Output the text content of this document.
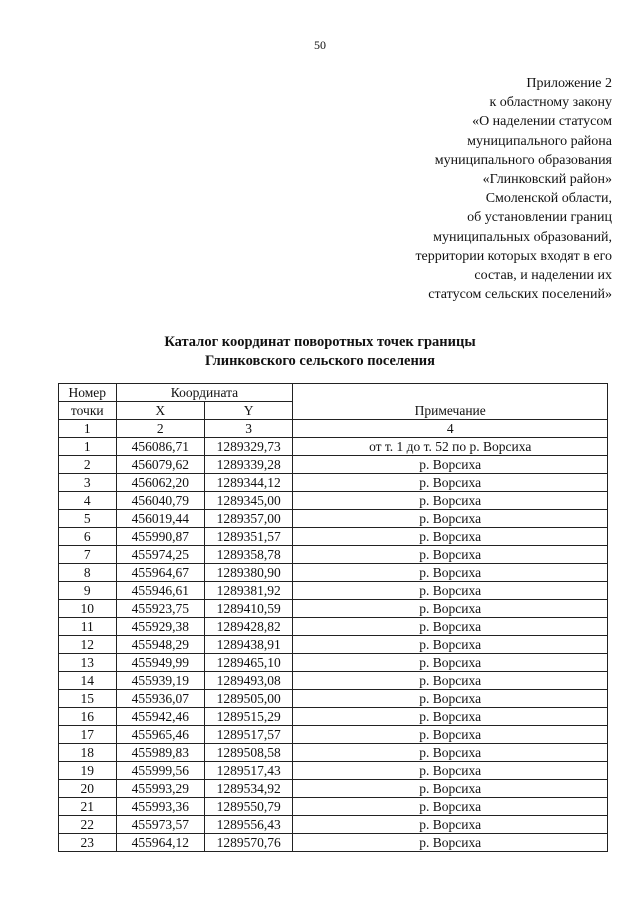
50
Приложение 2
к областному закону
«О наделении статусом
муниципального района
муниципального образования
«Глинковский район»
Смоленской области,
об установлении границ
муниципальных образований,
территории которых входят в его
состав, и наделении их
статусом сельских поселений»
Каталог координат поворотных точек границы
Глинковского сельского поселения
Номер	Координата		Примечание
точки	X	Y	
1	2	3	4
1	456086,71	1289329,73	от т. 1 до т. 52 по р. Ворсиха
2	456079,62	1289339,28	р. Ворсиха
3	456062,20	1289344,12	р. Ворсиха
4	456040,79	1289345,00	р. Ворсиха
5	456019,44	1289357,00	р. Ворсиха
6	455990,87	1289351,57	р. Ворсиха
7	455974,25	1289358,78	р. Ворсиха
8	455964,67	1289380,90	р. Ворсиха
9	455946,61	1289381,92	р. Ворсиха
10	455923,75	1289410,59	р. Ворсиха
11	455929,38	1289428,82	р. Ворсиха
12	455948,29	1289438,91	р. Ворсиха
13	455949,99	1289465,10	р. Ворсиха
14	455939,19	1289493,08	р. Ворсиха
15	455936,07	1289505,00	р. Ворсиха
16	455942,46	1289515,29	р. Ворсиха
17	455965,46	1289517,57	р. Ворсиха
18	455989,83	1289508,58	р. Ворсиха
19	455999,56	1289517,43	р. Ворсиха
20	455993,29	1289534,92	р. Ворсиха
21	455993,36	1289550,79	р. Ворсиха
22	455973,57	1289556,43	р. Ворсиха
23	455964,12	1289570,76	р. Ворсиха
